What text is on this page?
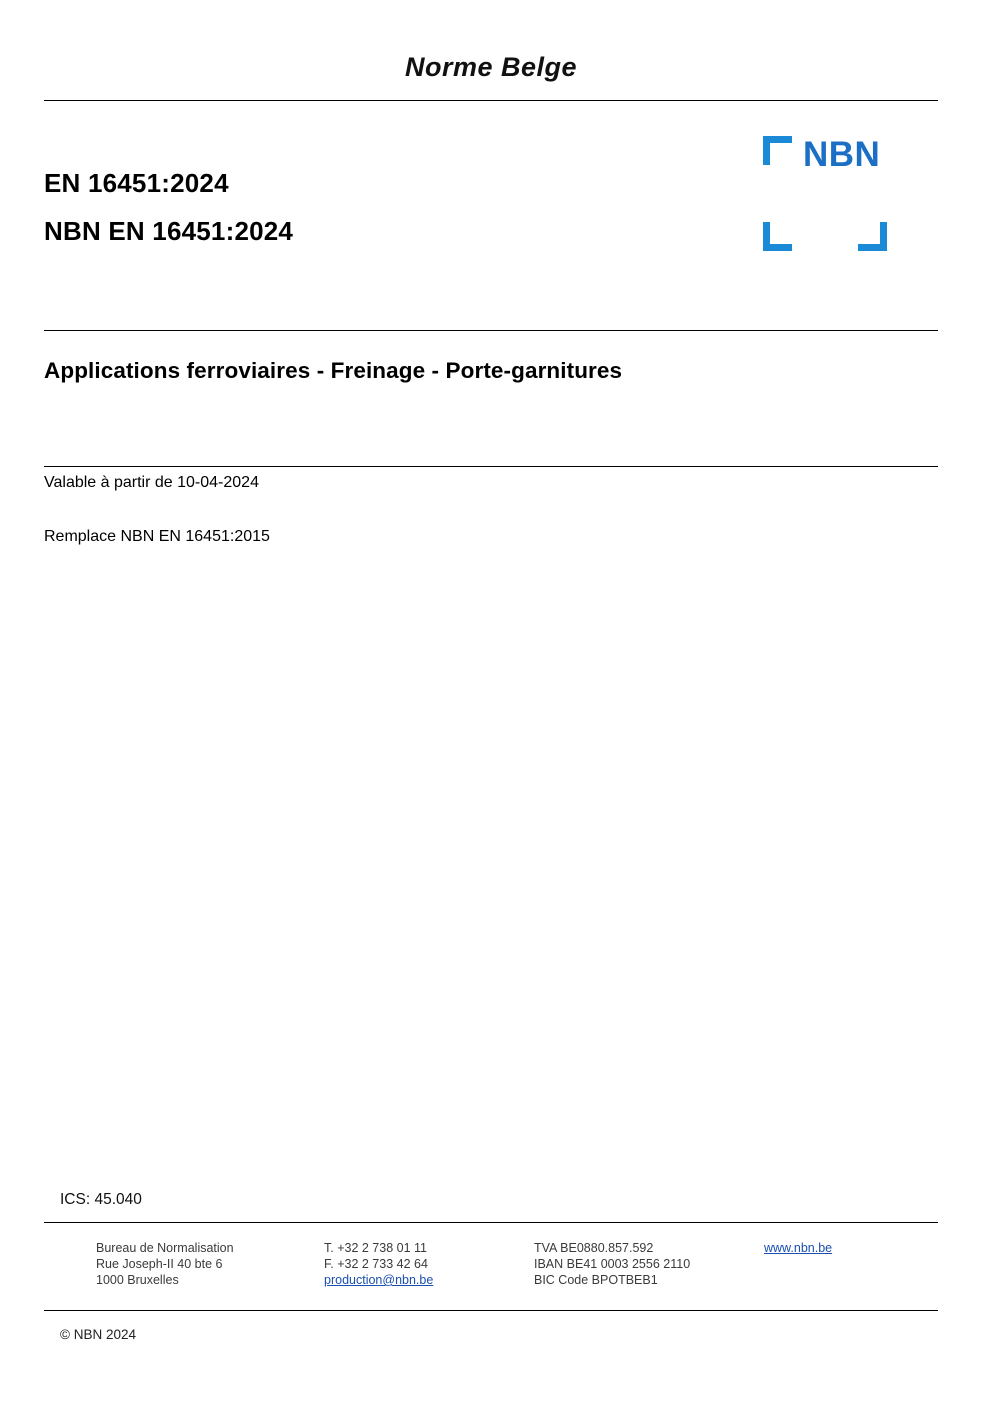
Norme Belge
EN 16451:2024
NBN EN 16451:2024
NBN
Applications ferroviaires - Freinage - Porte-garnitures
Valable à partir de 10-04-2024
Remplace NBN EN 16451:2015
ICS: 45.040
Bureau de Normalisation
Rue Joseph-II 40 bte 6
1000 Bruxelles
T. +32 2 738 01 11
F. +32 2 733 42 64
production@nbn.be
TVA BE0880.857.592
IBAN BE41 0003 2556 2110
BIC Code BPOTBEB1
www.nbn.be
© NBN 2024
